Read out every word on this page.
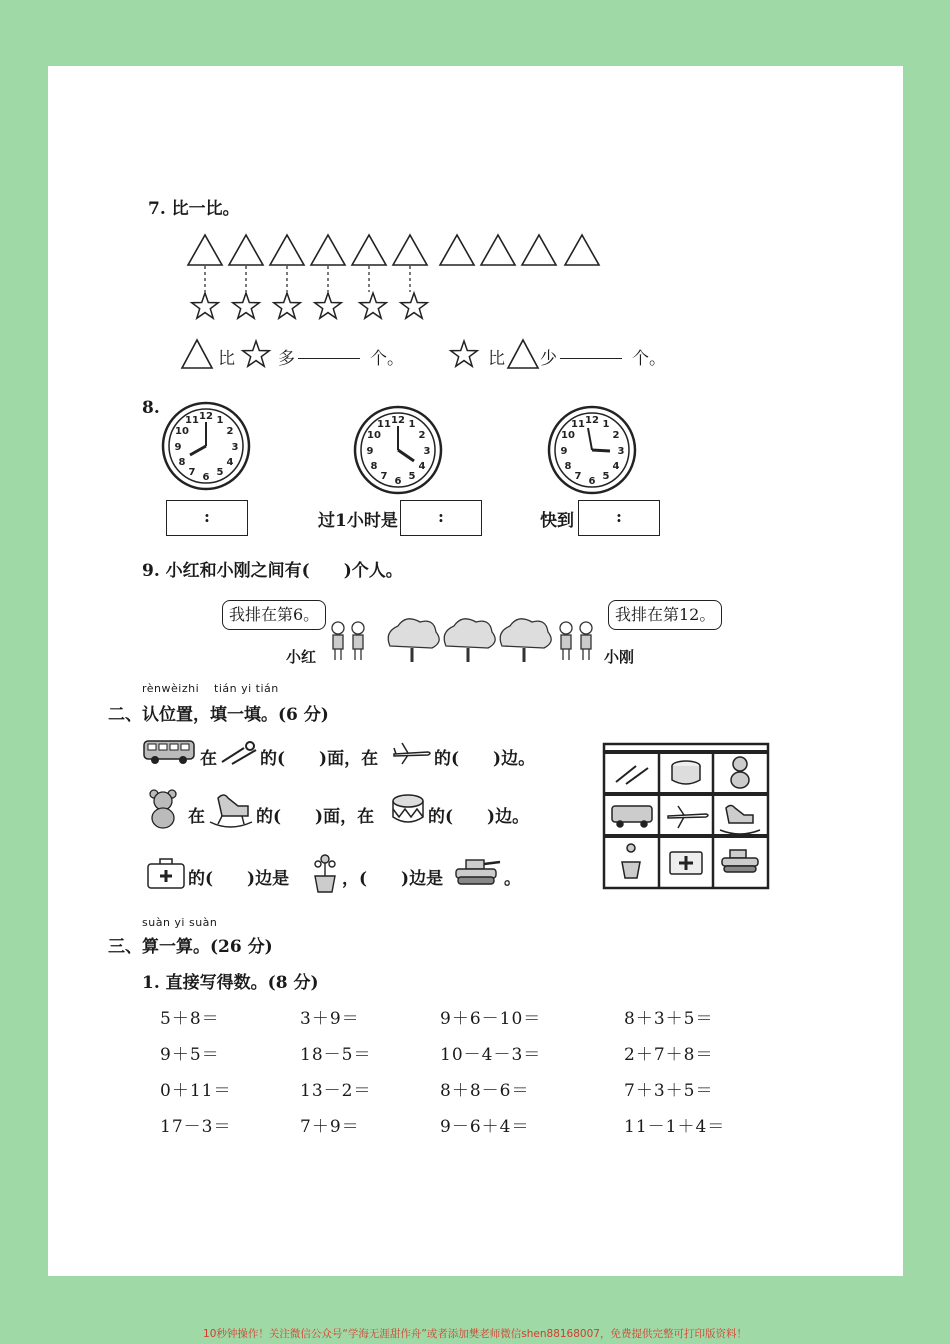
7. 比一比。
比	多	个。	比 少	个。
8.	12 1
2
3
4
5
6
7
8
9
10
11	12 1
2
3
4
5
6
7
8
9
10
11	12 1
2
3
4
5
6
7
8
9
10
11
:	过1小时是	:	快到	:
9. 小红和小刚之间有(　　)个人。
我排在第6。	我排在第12。
小红	小刚
rènwèizhi tián yi tián
二、认位置，填一填。(6 分)
在	的(　　)面，在	的(　　)边。
在	的(　　)面，在	的(　　)边。
的(　　)边是	，(　　)边是	。
suàn yi suàn
三、算一算。(26 分)
1. 直接写得数。(8 分)
5＋8＝	3＋9＝	9＋6－10＝	8＋3＋5＝
9＋5＝	18－5＝	10－4－3＝	2＋7＋8＝
0＋11＝	13－2＝	8＋8－6＝	7＋3＋5＝
17－3＝	7＋9＝	9－6＋4＝	11－1＋4＝
10秒钟操作！关注微信公众号“学海无涯甜作舟”或者添加樊老师微信shen88168007，免费提供完整可打印版资料！
